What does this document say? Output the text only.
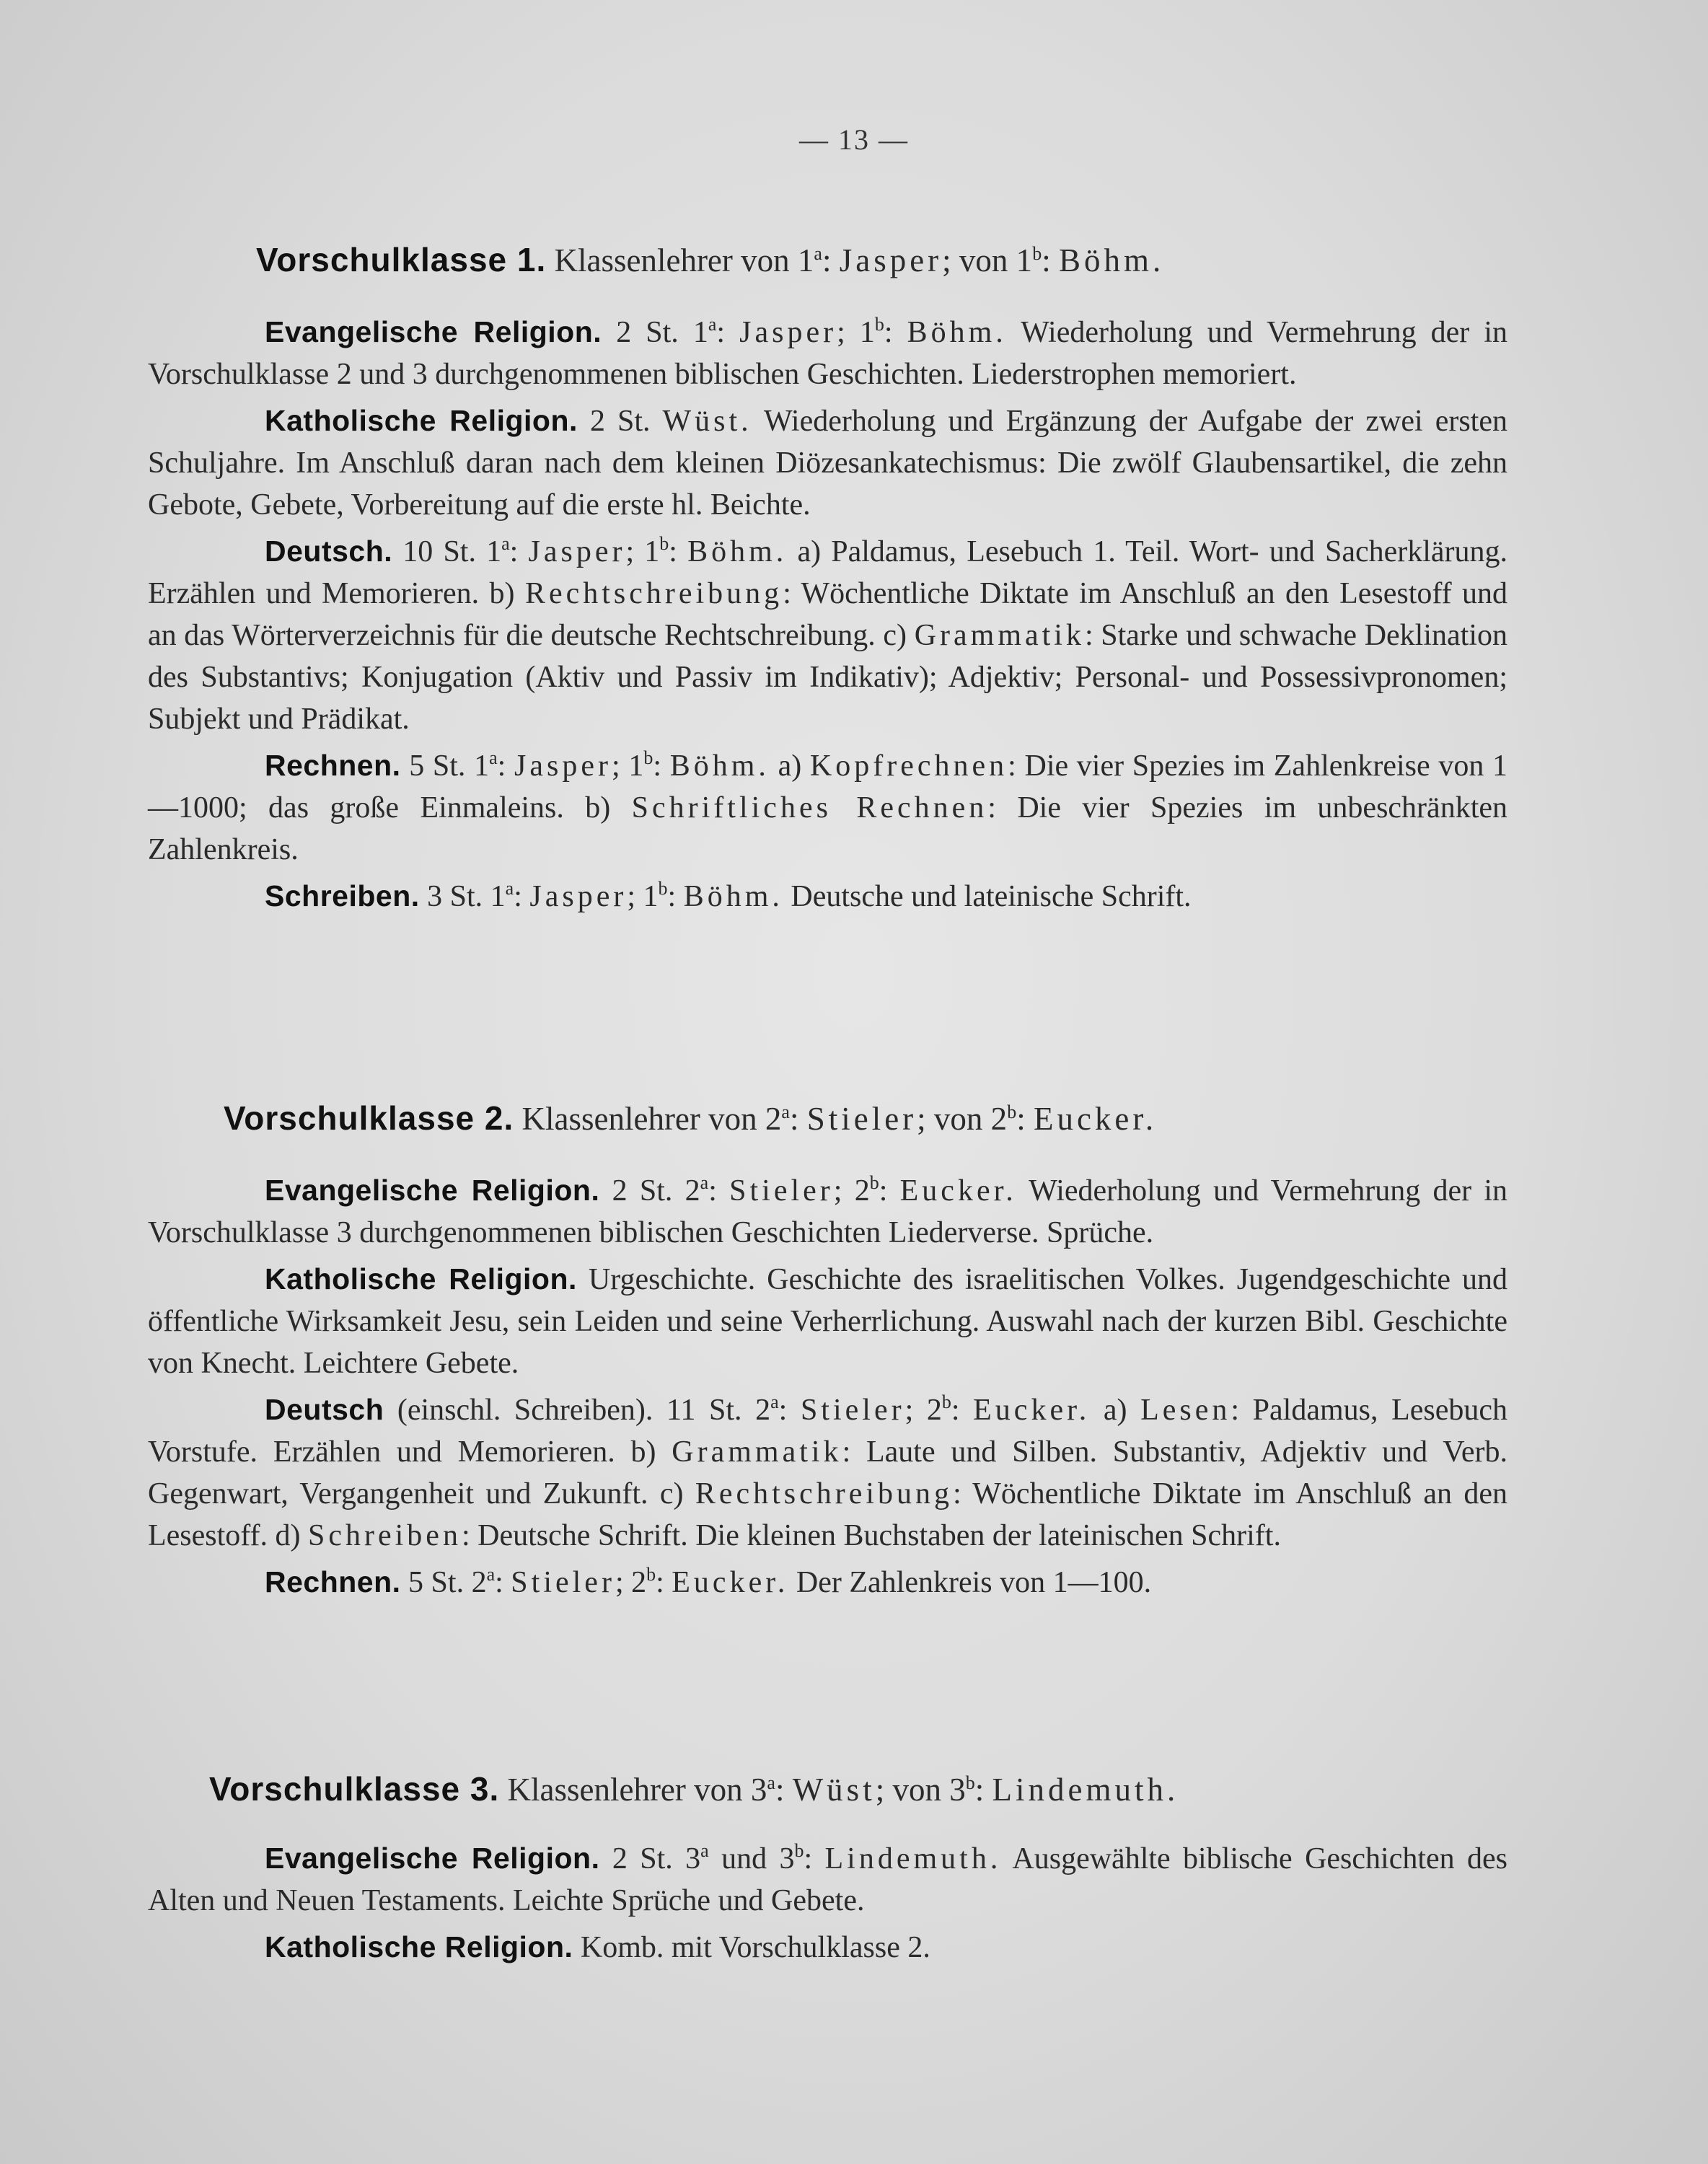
— 13 —
Vorschulklasse 1. Klassenlehrer von 1$^a$: Jasper; von 1$^b$: Böhm.

Evangelische Religion. 2 St. 1$^a$: Jasper; 1$^b$: Böhm. Wiederholung und Vermehrung der in Vorschulklasse 2 und 3 durchgenommenen biblischen Geschichten. Liederstrophen memoriert.

Katholische Religion. 2 St. Wüst. Wiederholung und Ergänzung der Aufgabe der zwei ersten Schuljahre. Im Anschluß daran nach dem kleinen Diözesankatechismus: Die zwölf Glaubensartikel, die zehn Gebote, Gebete, Vorbereitung auf die erste hl. Beichte.

Deutsch. 10 St. 1$^a$: Jasper; 1$^b$: Böhm. a) Paldamus, Lesebuch 1. Teil. Wort- und Sacherklärung. Erzählen und Memorieren. b) Rechtschreibung: Wöchentliche Diktate im Anschluß an den Lesestoff und an das Wörterverzeichnis für die deutsche Rechtschreibung. c) Grammatik: Starke und schwache Deklination des Substantivs; Konjugation (Aktiv und Passiv im Indikativ); Adjektiv; Personal- und Possessivpronomen; Subjekt und Prädikat.

Rechnen. 5 St. 1$^a$: Jasper; 1$^b$: Böhm. a) Kopfrechnen: Die vier Spezies im Zahlenkreise von 1—1000; das große Einmaleins. b) Schriftliches Rechnen: Die vier Spezies im unbeschränkten Zahlenkreis.

Schreiben. 3 St. 1$^a$: Jasper; 1$^b$: Böhm. Deutsche und lateinische Schrift.

Vorschulklasse 2. Klassenlehrer von 2$^a$: Stieler; von 2$^b$: Eucker.

Evangelische Religion. 2 St. 2$^a$: Stieler; 2$^b$: Eucker. Wiederholung und Vermehrung der in Vorschulklasse 3 durchgenommenen biblischen Geschichten Liederverse. Sprüche.

Katholische Religion. Urgeschichte. Geschichte des israelitischen Volkes. Jugendgeschichte und öffentliche Wirksamkeit Jesu, sein Leiden und seine Verherrlichung. Auswahl nach der kurzen Bibl. Geschichte von Knecht. Leichtere Gebete.

Deutsch (einschl. Schreiben). 11 St. 2$^a$: Stieler; 2$^b$: Eucker. a) Lesen: Paldamus, Lesebuch Vorstufe. Erzählen und Memorieren. b) Grammatik: Laute und Silben. Substantiv, Adjektiv und Verb. Gegenwart, Vergangenheit und Zukunft. c) Rechtschreibung: Wöchentliche Diktate im Anschluß an den Lesestoff. d) Schreiben: Deutsche Schrift. Die kleinen Buchstaben der lateinischen Schrift.

Rechnen. 5 St. 2$^a$: Stieler; 2$^b$: Eucker. Der Zahlenkreis von 1—100.

Vorschulklasse 3. Klassenlehrer von 3$^a$: Wüst; von 3$^b$: Lindemuth.

Evangelische Religion. 2 St. 3$^a$ und 3$^b$: Lindemuth. Ausgewählte biblische Geschichten des Alten und Neuen Testaments. Leichte Sprüche und Gebete.

Katholische Religion. Komb. mit Vorschulklasse 2.
